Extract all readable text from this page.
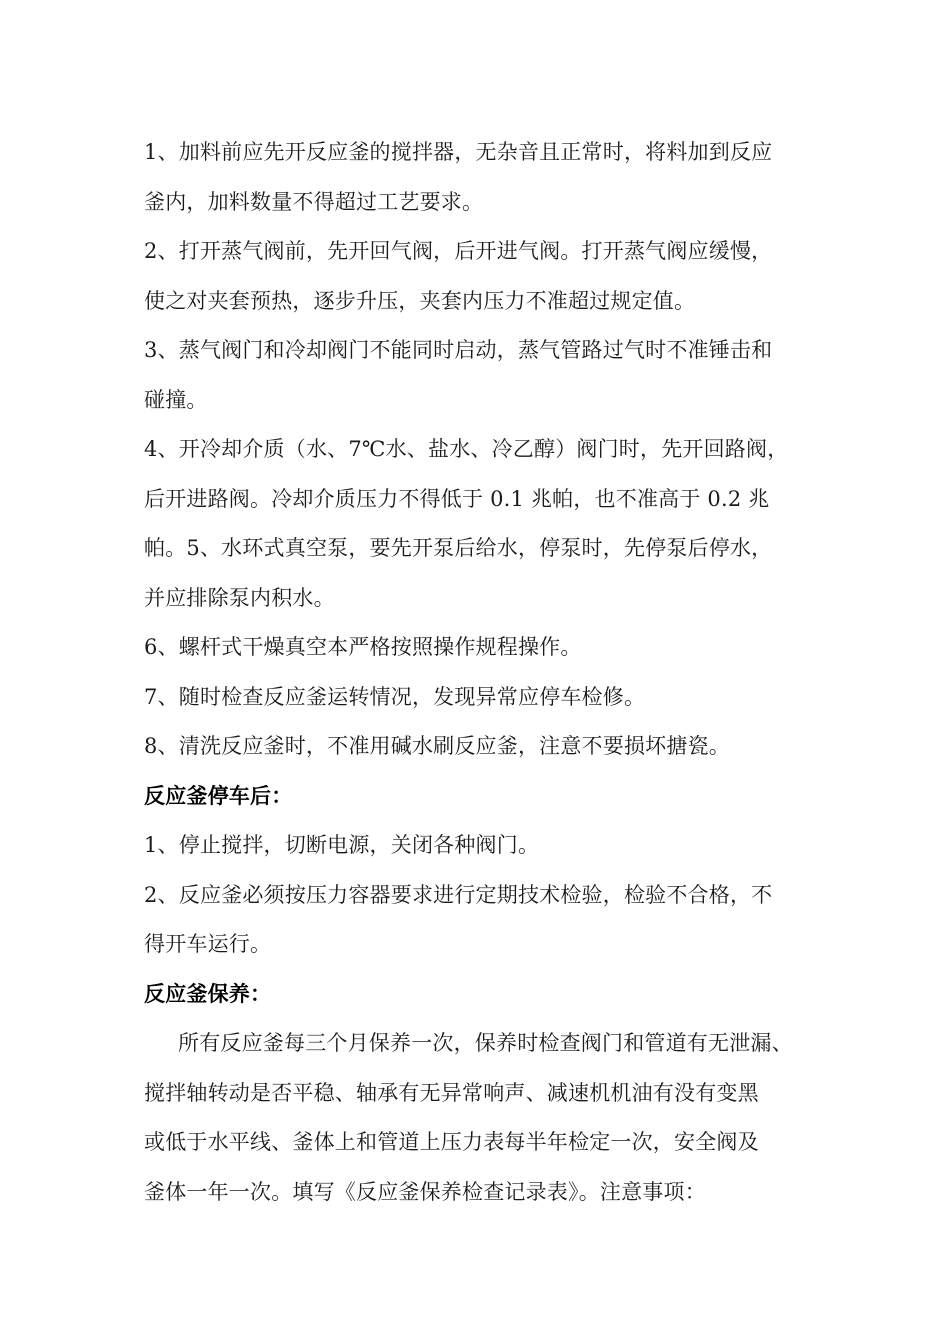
1、加料前应先开反应釜的搅拌器，无杂音且正常时，将料加到反应
釜内，加料数量不得超过工艺要求。
2、打开蒸气阀前，先开回气阀，后开进气阀。打开蒸气阀应缓慢，
使之对夹套预热，逐步升压，夹套内压力不准超过规定值。
3、蒸气阀门和冷却阀门不能同时启动，蒸气管路过气时不准锤击和
碰撞。
4、开冷却介质（水、7℃水、盐水、冷乙醇）阀门时，先开回路阀，
后开进路阀。冷却介质压力不得低于 0.1 兆帕，也不准高于 0.2 兆
帕。5、水环式真空泵，要先开泵后给水，停泵时，先停泵后停水，
并应排除泵内积水。
6、螺杆式干燥真空本严格按照操作规程操作。
7、随时检查反应釜运转情况，发现异常应停车检修。
8、清洗反应釜时，不准用碱水刷反应釜，注意不要损坏搪瓷。
反应釜停车后：
1、停止搅拌，切断电源，关闭各种阀门。
2、反应釜必须按压力容器要求进行定期技术检验，检验不合格，不
得开车运行。
反应釜保养：
所有反应釜每三个月保养一次，保养时检查阀门和管道有无泄漏、
搅拌轴转动是否平稳、轴承有无异常响声、减速机机油有没有变黑
或低于水平线、釜体上和管道上压力表每半年检定一次，安全阀及
釜体一年一次。填写《反应釜保养检查记录表》。注意事项：
